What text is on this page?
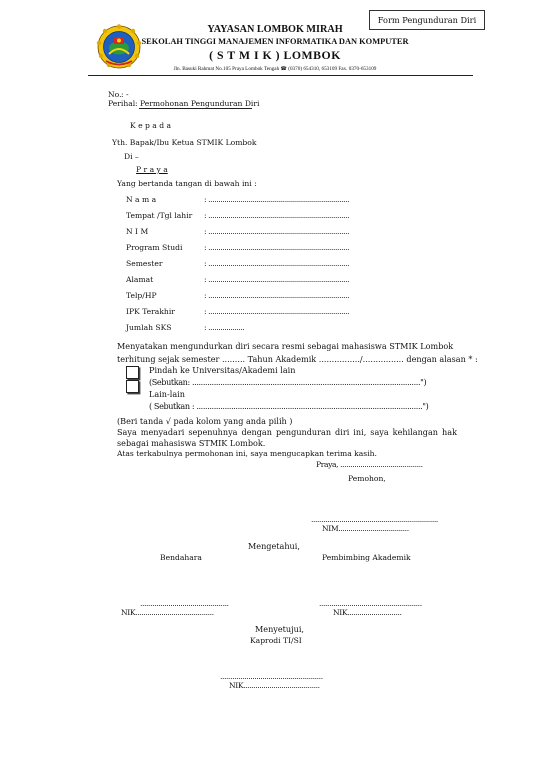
Form Pengunduran Diri
YAYASAN LOMBOK MIRAH
SEKOLAH TINGGI MANAJEMEN INFORMATIKA DAN KOMPUTER
( S T M I K ) LOMBOK
Jln. Basuki Rahmat No.105 Praya Lombok Tengah ☎ (0370) 654310, 653109 Fax. 0370-653109
No. : -
Perihal : Permohonan Pengunduran Diri
K e p a d a
Yth. Bapak/Ibu Ketua STMIK Lombok
Di –
P r a y a
Yang bertanda tangan di bawah ini :
N a m a	: ......................................................................
Tempat /Tgl lahir : ......................................................................
N I M	: ......................................................................
Program Studi	: ......................................................................
Semester	: ......................................................................
Alamat	: ......................................................................
Telp/HP	: ......................................................................
IPK Terakhir	: ......................................................................
Jumlah SKS	: ..................
Menyatakan mengundurkan diri secara resmi sebagai mahasiswa STMIK Lombok
terhitung sejak semester ......... Tahun Akademik ................/................ dengan alasan * :
Pindah ke Universitas/Akademi lain
(Sebutkan: .........................................................................................................")
Lain-lain
( Sebutkan : ........................................................................................................")
(Beri tanda √ pada kolom yang anda pilih )
Saya menyadari sepenuhnya dengan pengunduran diri ini, saya kehilangan hak sebagai mahasiswa STMIK Lombok.
Atas terkabulnya permohonan ini, saya mengucapkan terima kasih.
Praya, .........................................
Pemohon,
...............................................................
NIM...................................
Mengetahui,
Bendahara	Pembimbing Akademik
............................................
NIK.......................................
...................................................
NIK...........................
Menyetujui,
Kaprodi TI/SI
...................................................
NIK......................................
